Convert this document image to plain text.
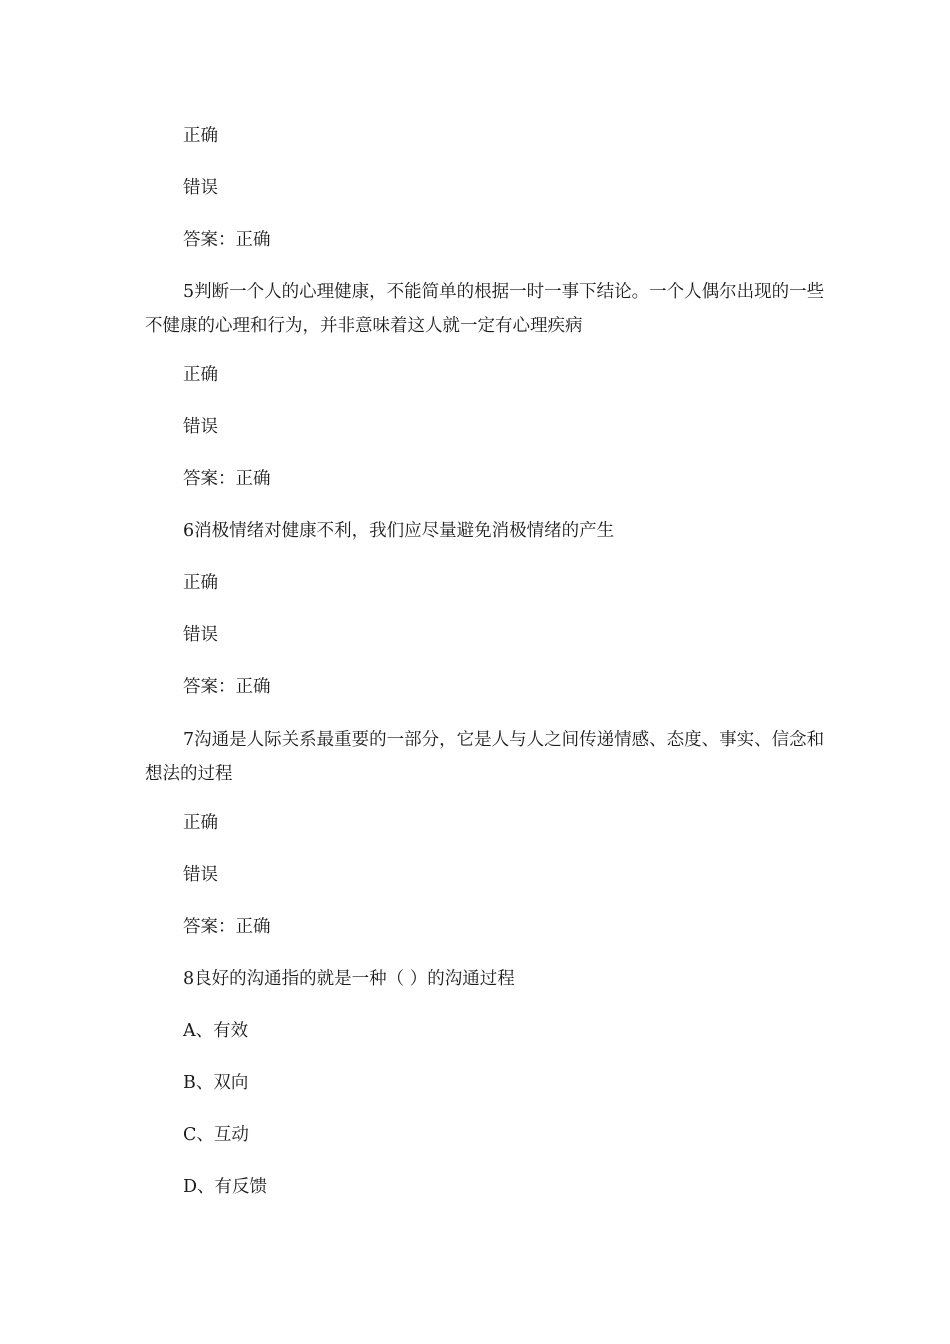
正确
错误
答案：正确
5判断一个人的心理健康，不能简单的根据一时一事下结论。一个人偶尔出现的一些不健康的心理和行为，并非意味着这人就一定有心理疾病
正确
错误
答案：正确
6消极情绪对健康不利，我们应尽量避免消极情绪的产生
正确
错误
答案：正确
7沟通是人际关系最重要的一部分，它是人与人之间传递情感、态度、事实、信念和想法的过程
正确
错误
答案：正确
8良好的沟通指的就是一种（ ）的沟通过程
A、有效
B、双向
C、互动
D、有反馈
